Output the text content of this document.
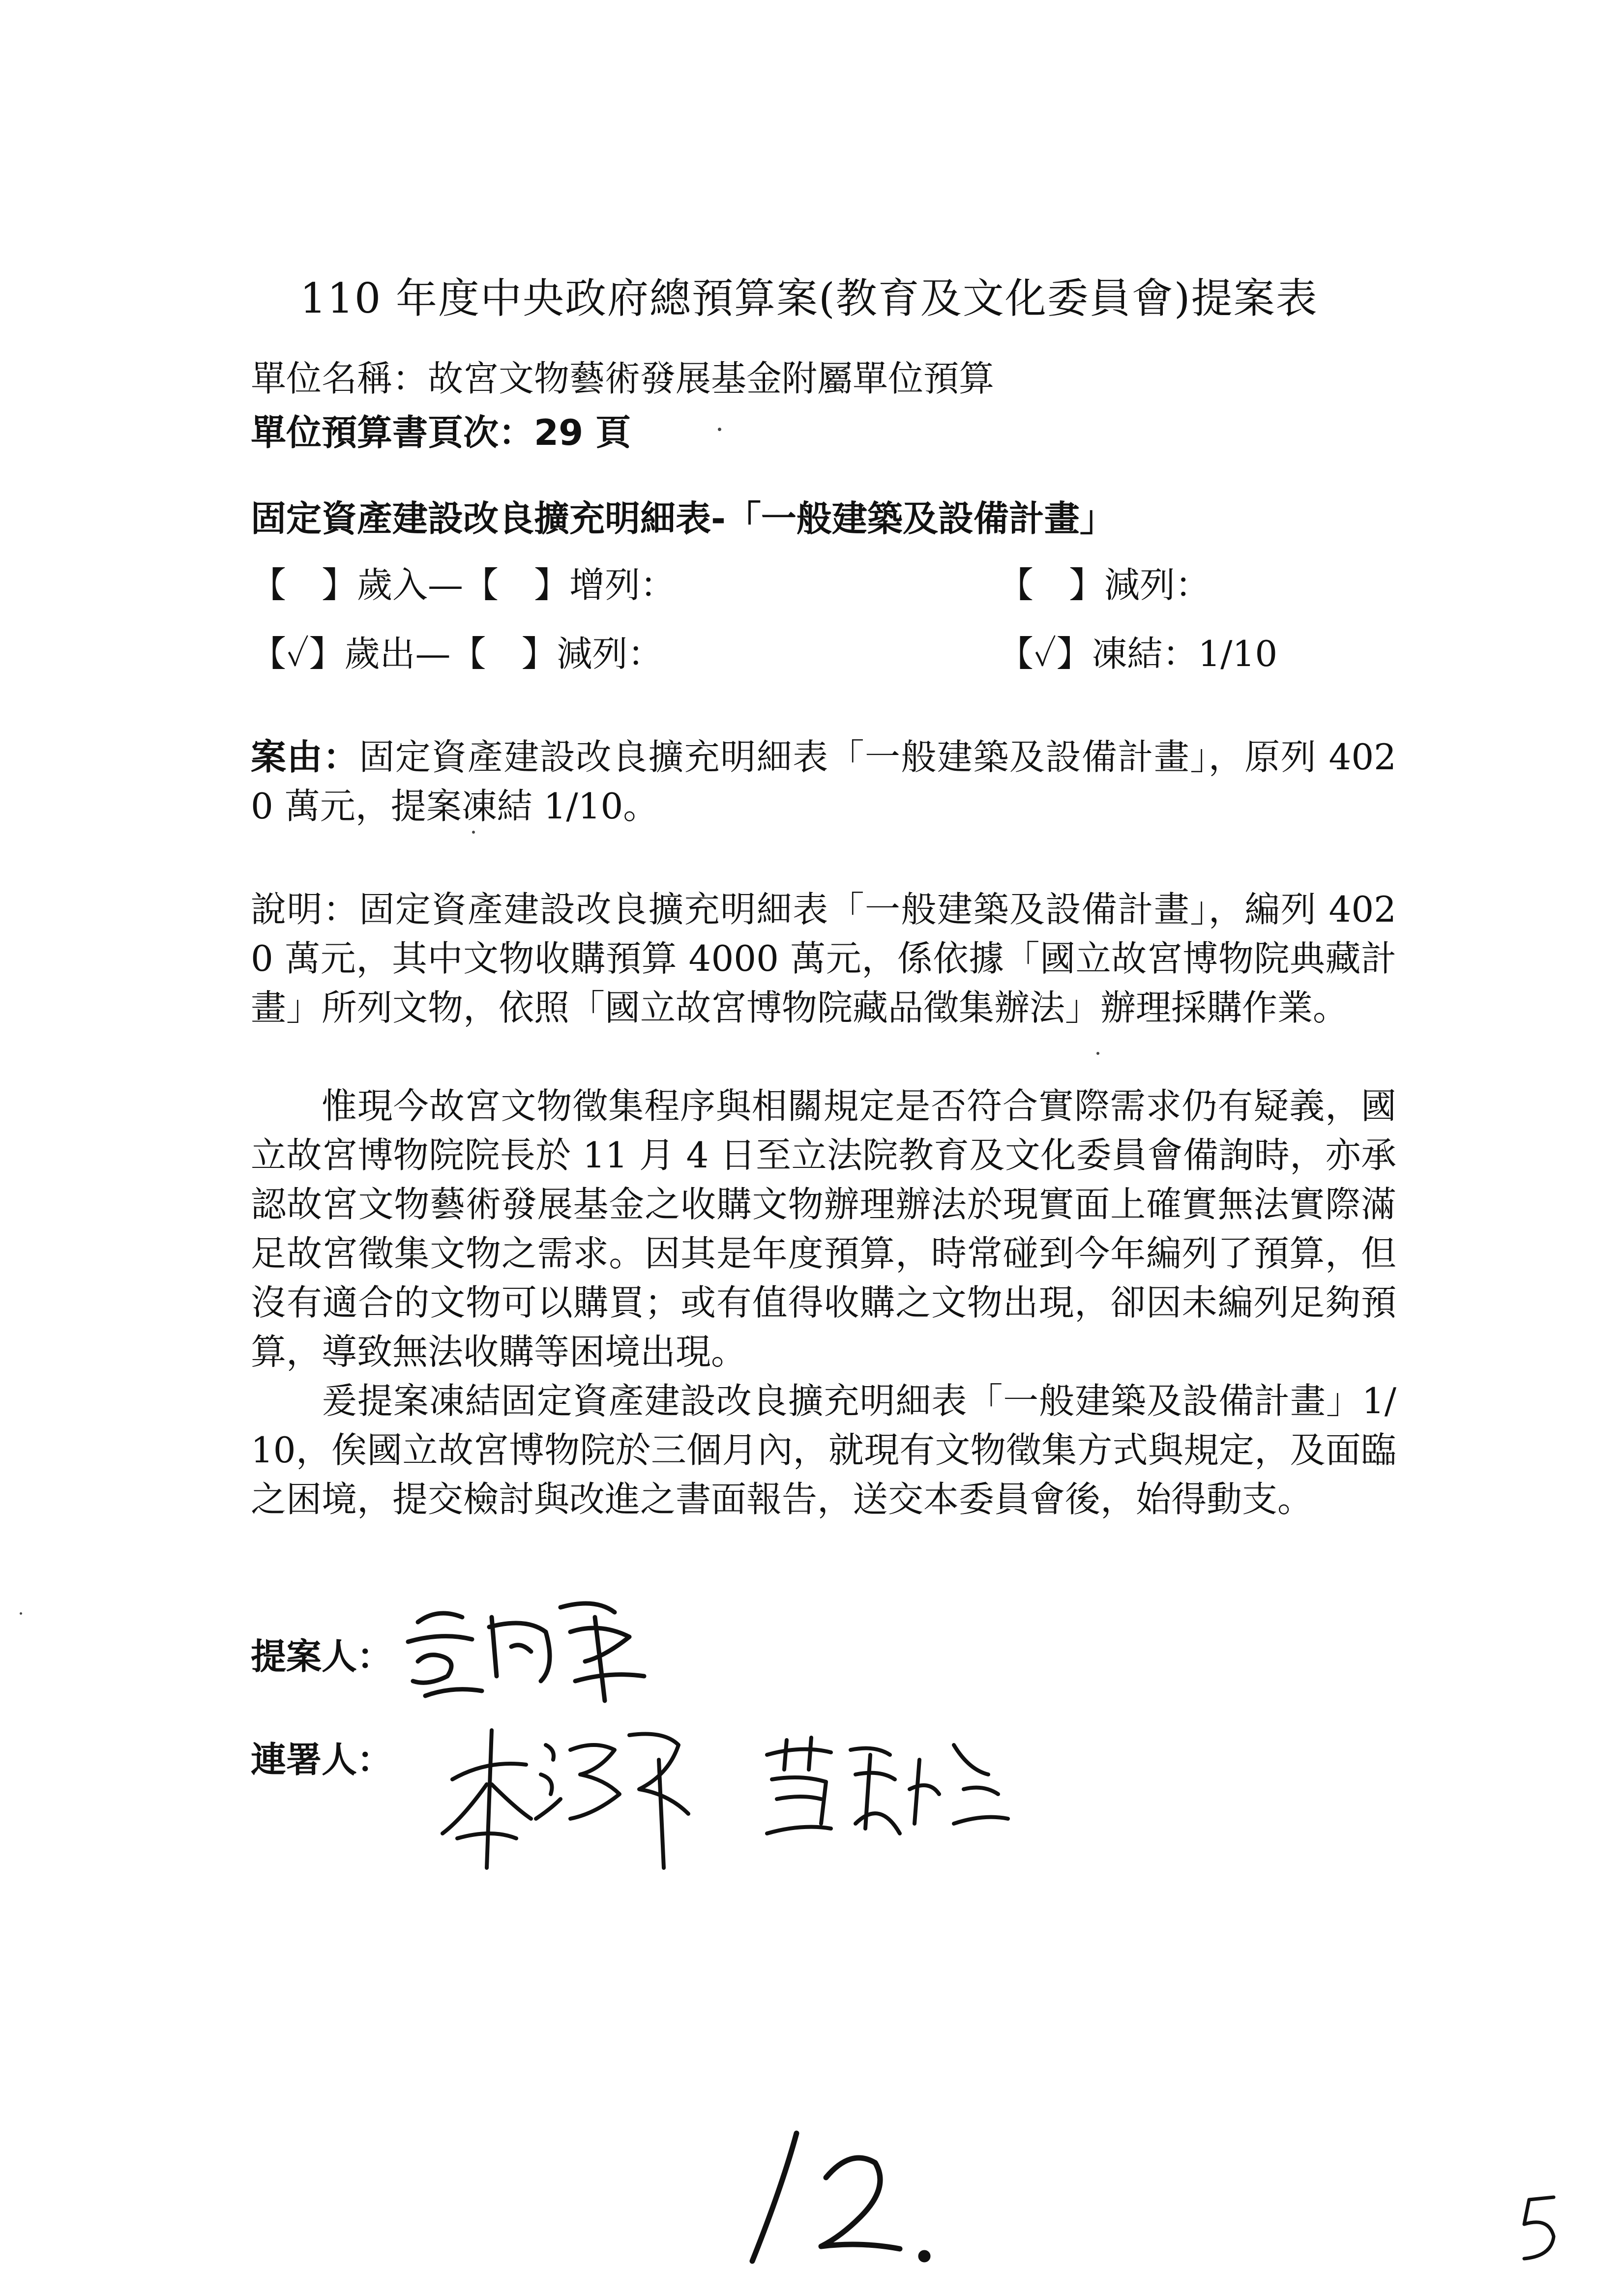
110 年度中央政府總預算案(教育及文化委員會)提案表
單位名稱：故宮文物藝術發展基金附屬單位預算
單位預算書頁次：29 頁
固定資產建設改良擴充明細表-「一般建築及設備計畫」
【　】歲入—【　】增列：	【　】減列：
【✓】歲出—【　】減列：	【✓】凍結：1/10
案由：固定資產建設改良擴充明細表「一般建築及設備計畫」，原列 4020 萬元，提案凍結 1/10。
說明：固定資產建設改良擴充明細表「一般建築及設備計畫」，編列 4020 萬元，其中文物收購預算 4000 萬元，係依據「國立故宮博物院典藏計畫」所列文物，依照「國立故宮博物院藏品徵集辦法」辦理採購作業。
惟現今故宮文物徵集程序與相關規定是否符合實際需求仍有疑義，國立故宮博物院院長於 11 月 4 日至立法院教育及文化委員會備詢時，亦承認故宮文物藝術發展基金之收購文物辦理辦法於現實面上確實無法實際滿足故宮徵集文物之需求。因其是年度預算，時常碰到今年編列了預算，但沒有適合的文物可以購買；或有值得收購之文物出現，卻因未編列足夠預算，導致無法收購等困境出現。
爰提案凍結固定資產建設改良擴充明細表「一般建築及設備計畫」1/10，俟國立故宮博物院於三個月內，就現有文物徵集方式與規定，及面臨之困境，提交檢討與改進之書面報告，送交本委員會後，始得動支。
提案人：
連署人：
